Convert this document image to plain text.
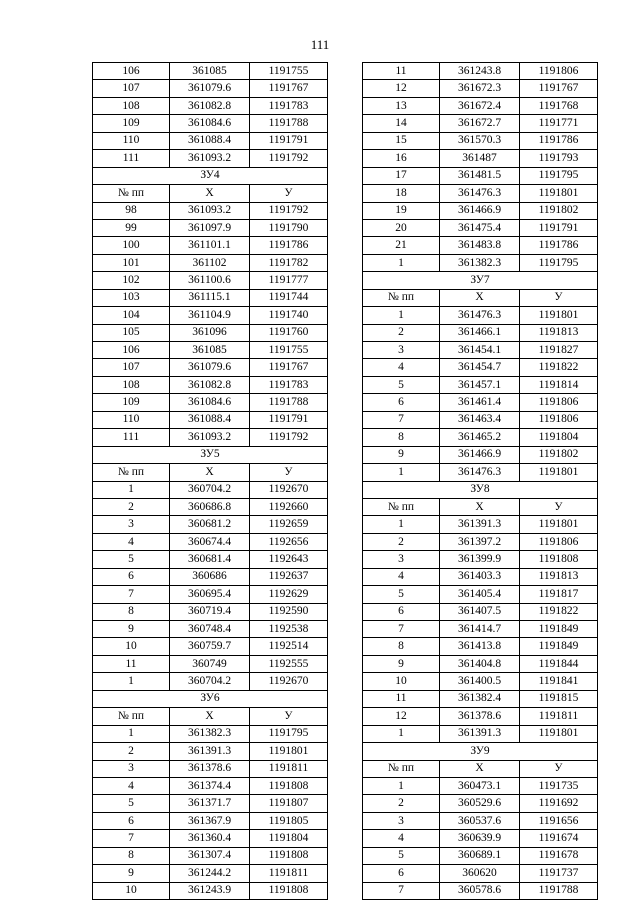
111
106	361085	1191755
107	361079.6	1191767
108	361082.8	1191783
109	361084.6	1191788
110	361088.4	1191791
111	361093.2	1191792
ЗУ4		
№ пп	X	У
98	361093.2	1191792
99	361097.9	1191790
100	361101.1	1191786
101	361102	1191782
102	361100.6	1191777
103	361115.1	1191744
104	361104.9	1191740
105	361096	1191760
106	361085	1191755
107	361079.6	1191767
108	361082.8	1191783
109	361084.6	1191788
110	361088.4	1191791
111	361093.2	1191792
ЗУ5		
№ пп	X	У
1	360704.2	1192670
2	360686.8	1192660
3	360681.2	1192659
4	360674.4	1192656
5	360681.4	1192643
6	360686	1192637
7	360695.4	1192629
8	360719.4	1192590
9	360748.4	1192538
10	360759.7	1192514
11	360749	1192555
1	360704.2	1192670
ЗУ6		
№ пп	X	У
1	361382.3	1191795
2	361391.3	1191801
3	361378.6	1191811
4	361374.4	1191808
5	361371.7	1191807
6	361367.9	1191805
7	361360.4	1191804
8	361307.4	1191808
9	361244.2	1191811
10	361243.9	1191808
11	361243.8	1191806
12	361672.3	1191767
13	361672.4	1191768
14	361672.7	1191771
15	361570.3	1191786
16	361487	1191793
17	361481.5	1191795
18	361476.3	1191801
19	361466.9	1191802
20	361475.4	1191791
21	361483.8	1191786
1	361382.3	1191795
ЗУ7		
№ пп	X	У
1	361476.3	1191801
2	361466.1	1191813
3	361454.1	1191827
4	361454.7	1191822
5	361457.1	1191814
6	361461.4	1191806
7	361463.4	1191806
8	361465.2	1191804
9	361466.9	1191802
1	361476.3	1191801
ЗУ8		
№ пп	X	У
1	361391.3	1191801
2	361397.2	1191806
3	361399.9	1191808
4	361403.3	1191813
5	361405.4	1191817
6	361407.5	1191822
7	361414.7	1191849
8	361413.8	1191849
9	361404.8	1191844
10	361400.5	1191841
11	361382.4	1191815
12	361378.6	1191811
1	361391.3	1191801
ЗУ9		
№ пп	X	У
1	360473.1	1191735
2	360529.6	1191692
3	360537.6	1191656
4	360639.9	1191674
5	360689.1	1191678
6	360620	1191737
7	360578.6	1191788
